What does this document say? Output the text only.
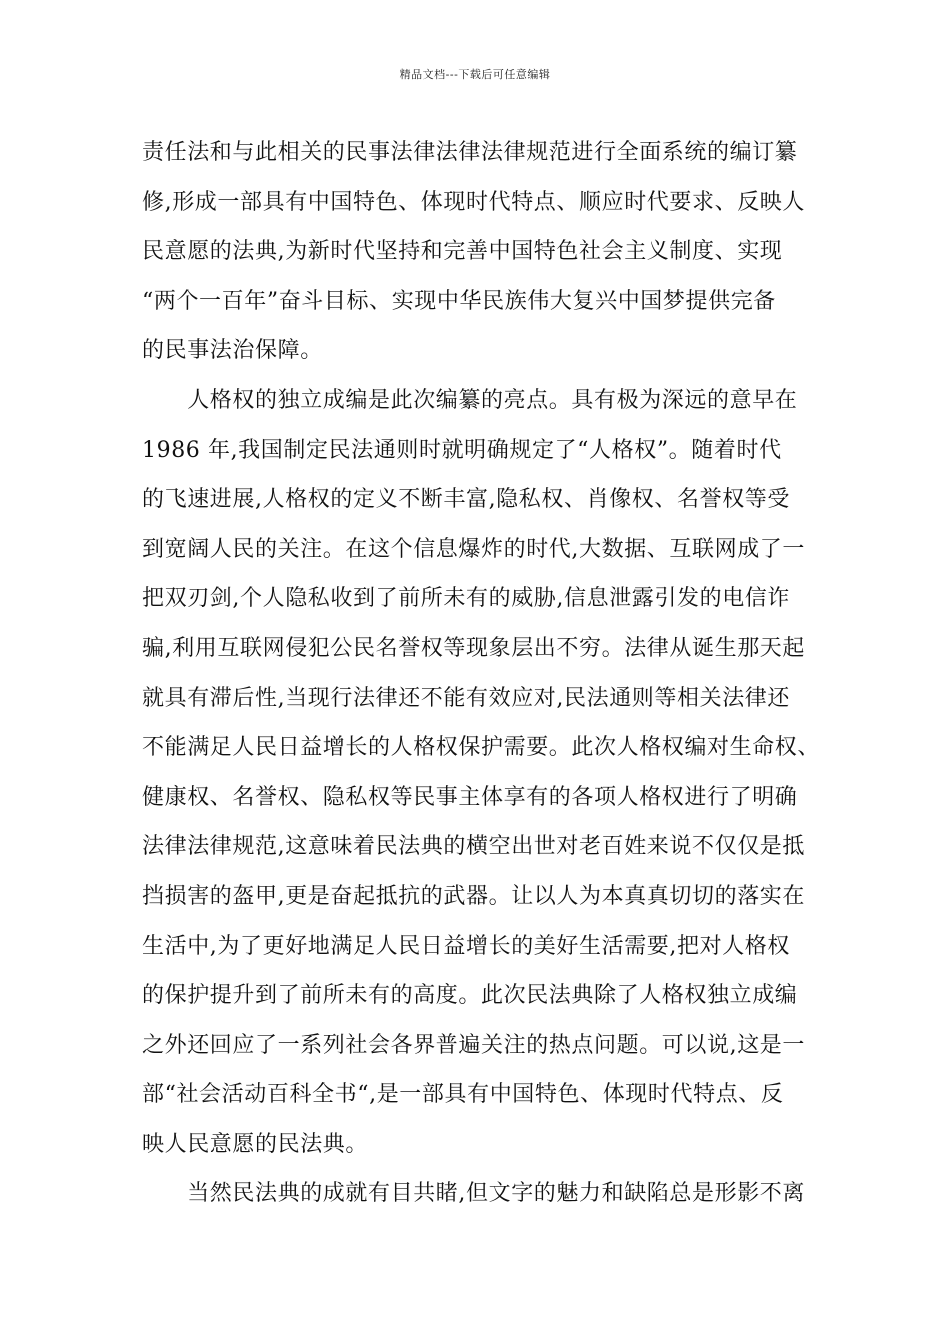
精品文档---下载后可任意编辑
责任法和与此相关的民事法律法律法律规范进行全面系统的编订纂
修,形成一部具有中国特色、体现时代特点、顺应时代要求、反映人
民意愿的法典,为新时代坚持和完善中国特色社会主义制度、实现
“两个一百年”奋斗目标、实现中华民族伟大复兴中国梦提供完备
的民事法治保障。
　　人格权的独立成编是此次编纂的亮点。具有极为深远的意早在
1986 年,我国制定民法通则时就明确规定了“人格权”。随着时代
的飞速进展,人格权的定义不断丰富,隐私权、肖像权、名誉权等受
到宽阔人民的关注。在这个信息爆炸的时代,大数据、互联网成了一
把双刃剑,个人隐私收到了前所未有的威胁,信息泄露引发的电信诈
骗,利用互联网侵犯公民名誉权等现象层出不穷。法律从诞生那天起
就具有滞后性,当现行法律还不能有效应对,民法通则等相关法律还
不能满足人民日益增长的人格权保护需要。此次人格权编对生命权、
健康权、名誉权、隐私权等民事主体享有的各项人格权进行了明确
法律法律规范,这意味着民法典的横空出世对老百姓来说不仅仅是抵
挡损害的盔甲,更是奋起抵抗的武器。让以人为本真真切切的落实在
生活中,为了更好地满足人民日益增长的美好生活需要,把对人格权
的保护提升到了前所未有的高度。此次民法典除了人格权独立成编
之外还回应了一系列社会各界普遍关注的热点问题。可以说,这是一
部“社会活动百科全书“,是一部具有中国特色、体现时代特点、反
映人民意愿的民法典。
　　当然民法典的成就有目共睹,但文字的魅力和缺陷总是形影不离
